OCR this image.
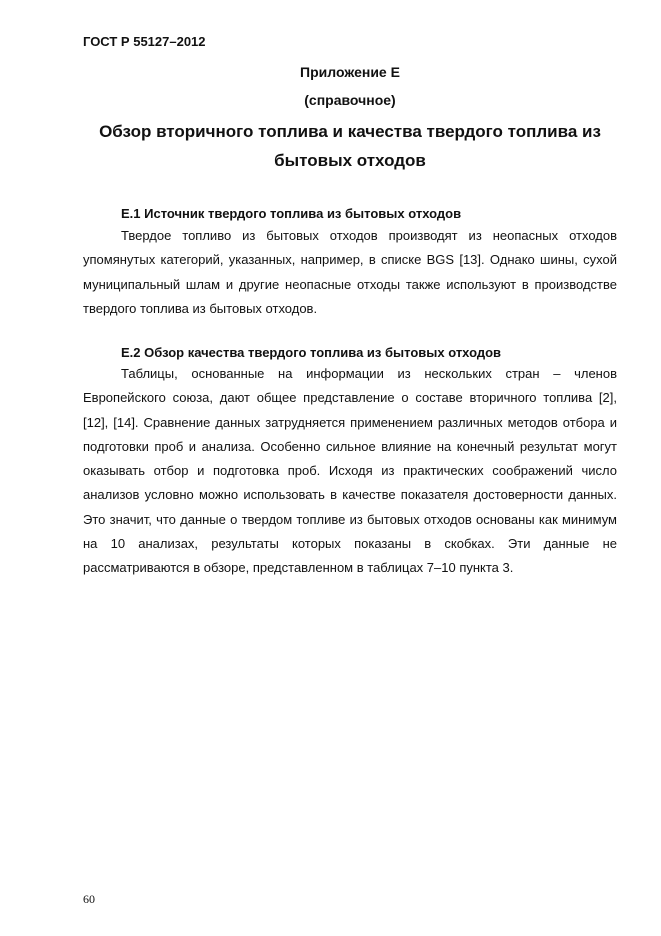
ГОСТ Р 55127–2012
Приложение Е
(справочное)
Обзор вторичного топлива и качества твердого топлива из бытовых отходов
Е.1 Источник твердого топлива из бытовых отходов
Твердое топливо из бытовых отходов производят из неопасных отходов упомянутых категорий, указанных, например, в списке BGS [13]. Однако шины, сухой муниципальный шлам и другие неопасные отходы также используют в производстве твердого топлива из бытовых отходов.
Е.2 Обзор качества твердого топлива из бытовых отходов
Таблицы, основанные на информации из нескольких стран – членов Европейского союза, дают общее представление о составе вторичного топлива [2], [12], [14]. Сравнение данных затрудняется применением различных методов отбора и подготовки проб и анализа. Особенно сильное влияние на конечный результат могут оказывать отбор и подготовка проб. Исходя из практических соображений число анализов условно можно использовать в качестве показателя достоверности данных. Это значит, что данные о твердом топливе из бытовых отходов основаны как минимум на 10 анализах, результаты которых показаны в скобках. Эти данные не рассматриваются в обзоре, представленном в таблицах 7–10 пункта 3.
60
